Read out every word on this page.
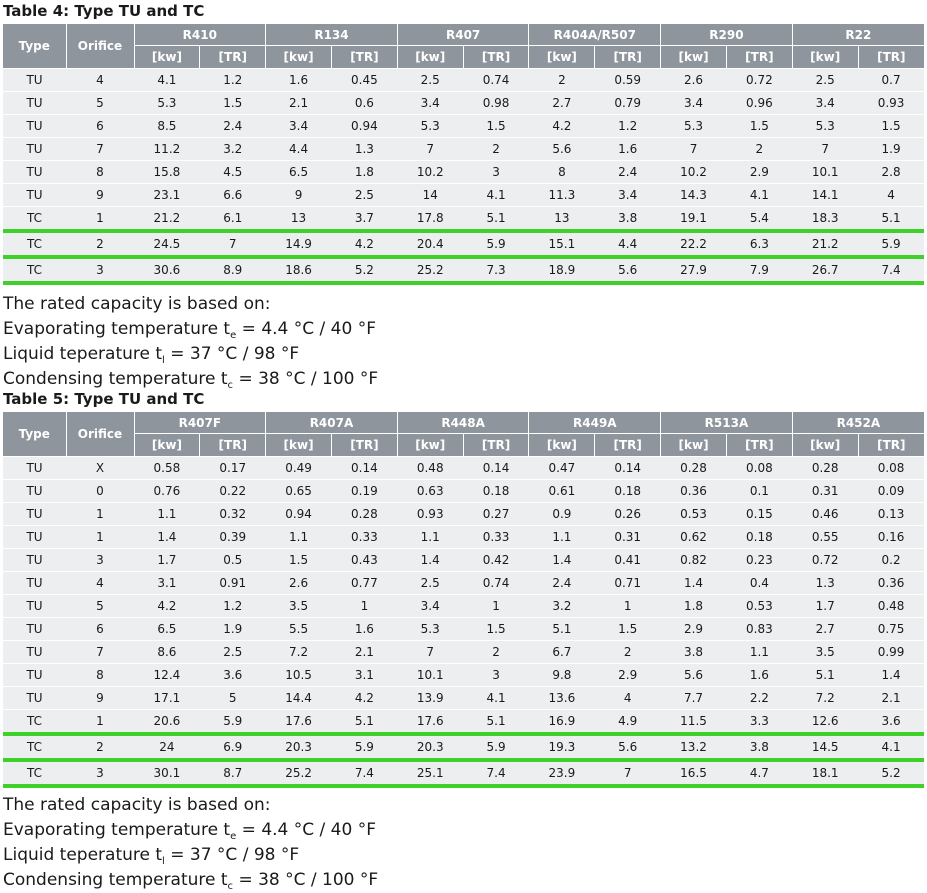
Table 4: Type TU and TC
Type	Orifice	R410		R134		R407		R404A/R507		R290		R22	
		[kw]	[TR]	[kw]	[TR]	[kw]	[TR]	[kw]	[TR]	[kw]	[TR]	[kw]	[TR]
TU	4	4.1	1.2	1.6	0.45	2.5	0.74	2	0.59	2.6	0.72	2.5	0.7
TU	5	5.3	1.5	2.1	0.6	3.4	0.98	2.7	0.79	3.4	0.96	3.4	0.93
TU	6	8.5	2.4	3.4	0.94	5.3	1.5	4.2	1.2	5.3	1.5	5.3	1.5
TU	7	11.2	3.2	4.4	1.3	7	2	5.6	1.6	7	2	7	1.9
TU	8	15.8	4.5	6.5	1.8	10.2	3	8	2.4	10.2	2.9	10.1	2.8
TU	9	23.1	6.6	9	2.5	14	4.1	11.3	3.4	14.3	4.1	14.1	4
TC	1	21.2	6.1	13	3.7	17.8	5.1	13	3.8	19.1	5.4	18.3	5.1
TC	2	24.5	7	14.9	4.2	20.4	5.9	15.1	4.4	22.2	6.3	21.2	5.9
TC	3	30.6	8.9	18.6	5.2	25.2	7.3	18.9	5.6	27.9	7.9	26.7	7.4
The rated capacity is based on:
Evaporating temperature $t_e = 4.4$ °C / 40 °F
Liquid teperature $t_l = 37$ °C / 98 °F
Condensing temperature $t_c = 38$ °C / 100 °F
Table 5: Type TU and TC
Type	Orifice	R407F		R407A		R448A		R449A		R513A		R452A	
		[kw]	[TR]	[kw]	[TR]	[kw]	[TR]	[kw]	[TR]	[kw]	[TR]	[kw]	[TR]
TU	X	0.58	0.17	0.49	0.14	0.48	0.14	0.47	0.14	0.28	0.08	0.28	0.08
TU	0	0.76	0.22	0.65	0.19	0.63	0.18	0.61	0.18	0.36	0.1	0.31	0.09
TU	1	1.1	0.32	0.94	0.28	0.93	0.27	0.9	0.26	0.53	0.15	0.46	0.13
TU	1	1.4	0.39	1.1	0.33	1.1	0.33	1.1	0.31	0.62	0.18	0.55	0.16
TU	3	1.7	0.5	1.5	0.43	1.4	0.42	1.4	0.41	0.82	0.23	0.72	0.2
TU	4	3.1	0.91	2.6	0.77	2.5	0.74	2.4	0.71	1.4	0.4	1.3	0.36
TU	5	4.2	1.2	3.5	1	3.4	1	3.2	1	1.8	0.53	1.7	0.48
TU	6	6.5	1.9	5.5	1.6	5.3	1.5	5.1	1.5	2.9	0.83	2.7	0.75
TU	7	8.6	2.5	7.2	2.1	7	2	6.7	2	3.8	1.1	3.5	0.99
TU	8	12.4	3.6	10.5	3.1	10.1	3	9.8	2.9	5.6	1.6	5.1	1.4
TU	9	17.1	5	14.4	4.2	13.9	4.1	13.6	4	7.7	2.2	7.2	2.1
TC	1	20.6	5.9	17.6	5.1	17.6	5.1	16.9	4.9	11.5	3.3	12.6	3.6
TC	2	24	6.9	20.3	5.9	20.3	5.9	19.3	5.6	13.2	3.8	14.5	4.1
TC	3	30.1	8.7	25.2	7.4	25.1	7.4	23.9	7	16.5	4.7	18.1	5.2
The rated capacity is based on:
Evaporating temperature $t_e = 4.4$ °C / 40 °F
Liquid teperature $t_l = 37$ °C / 98 °F
Condensing temperature $t_c = 38$ °C / 100 °F
